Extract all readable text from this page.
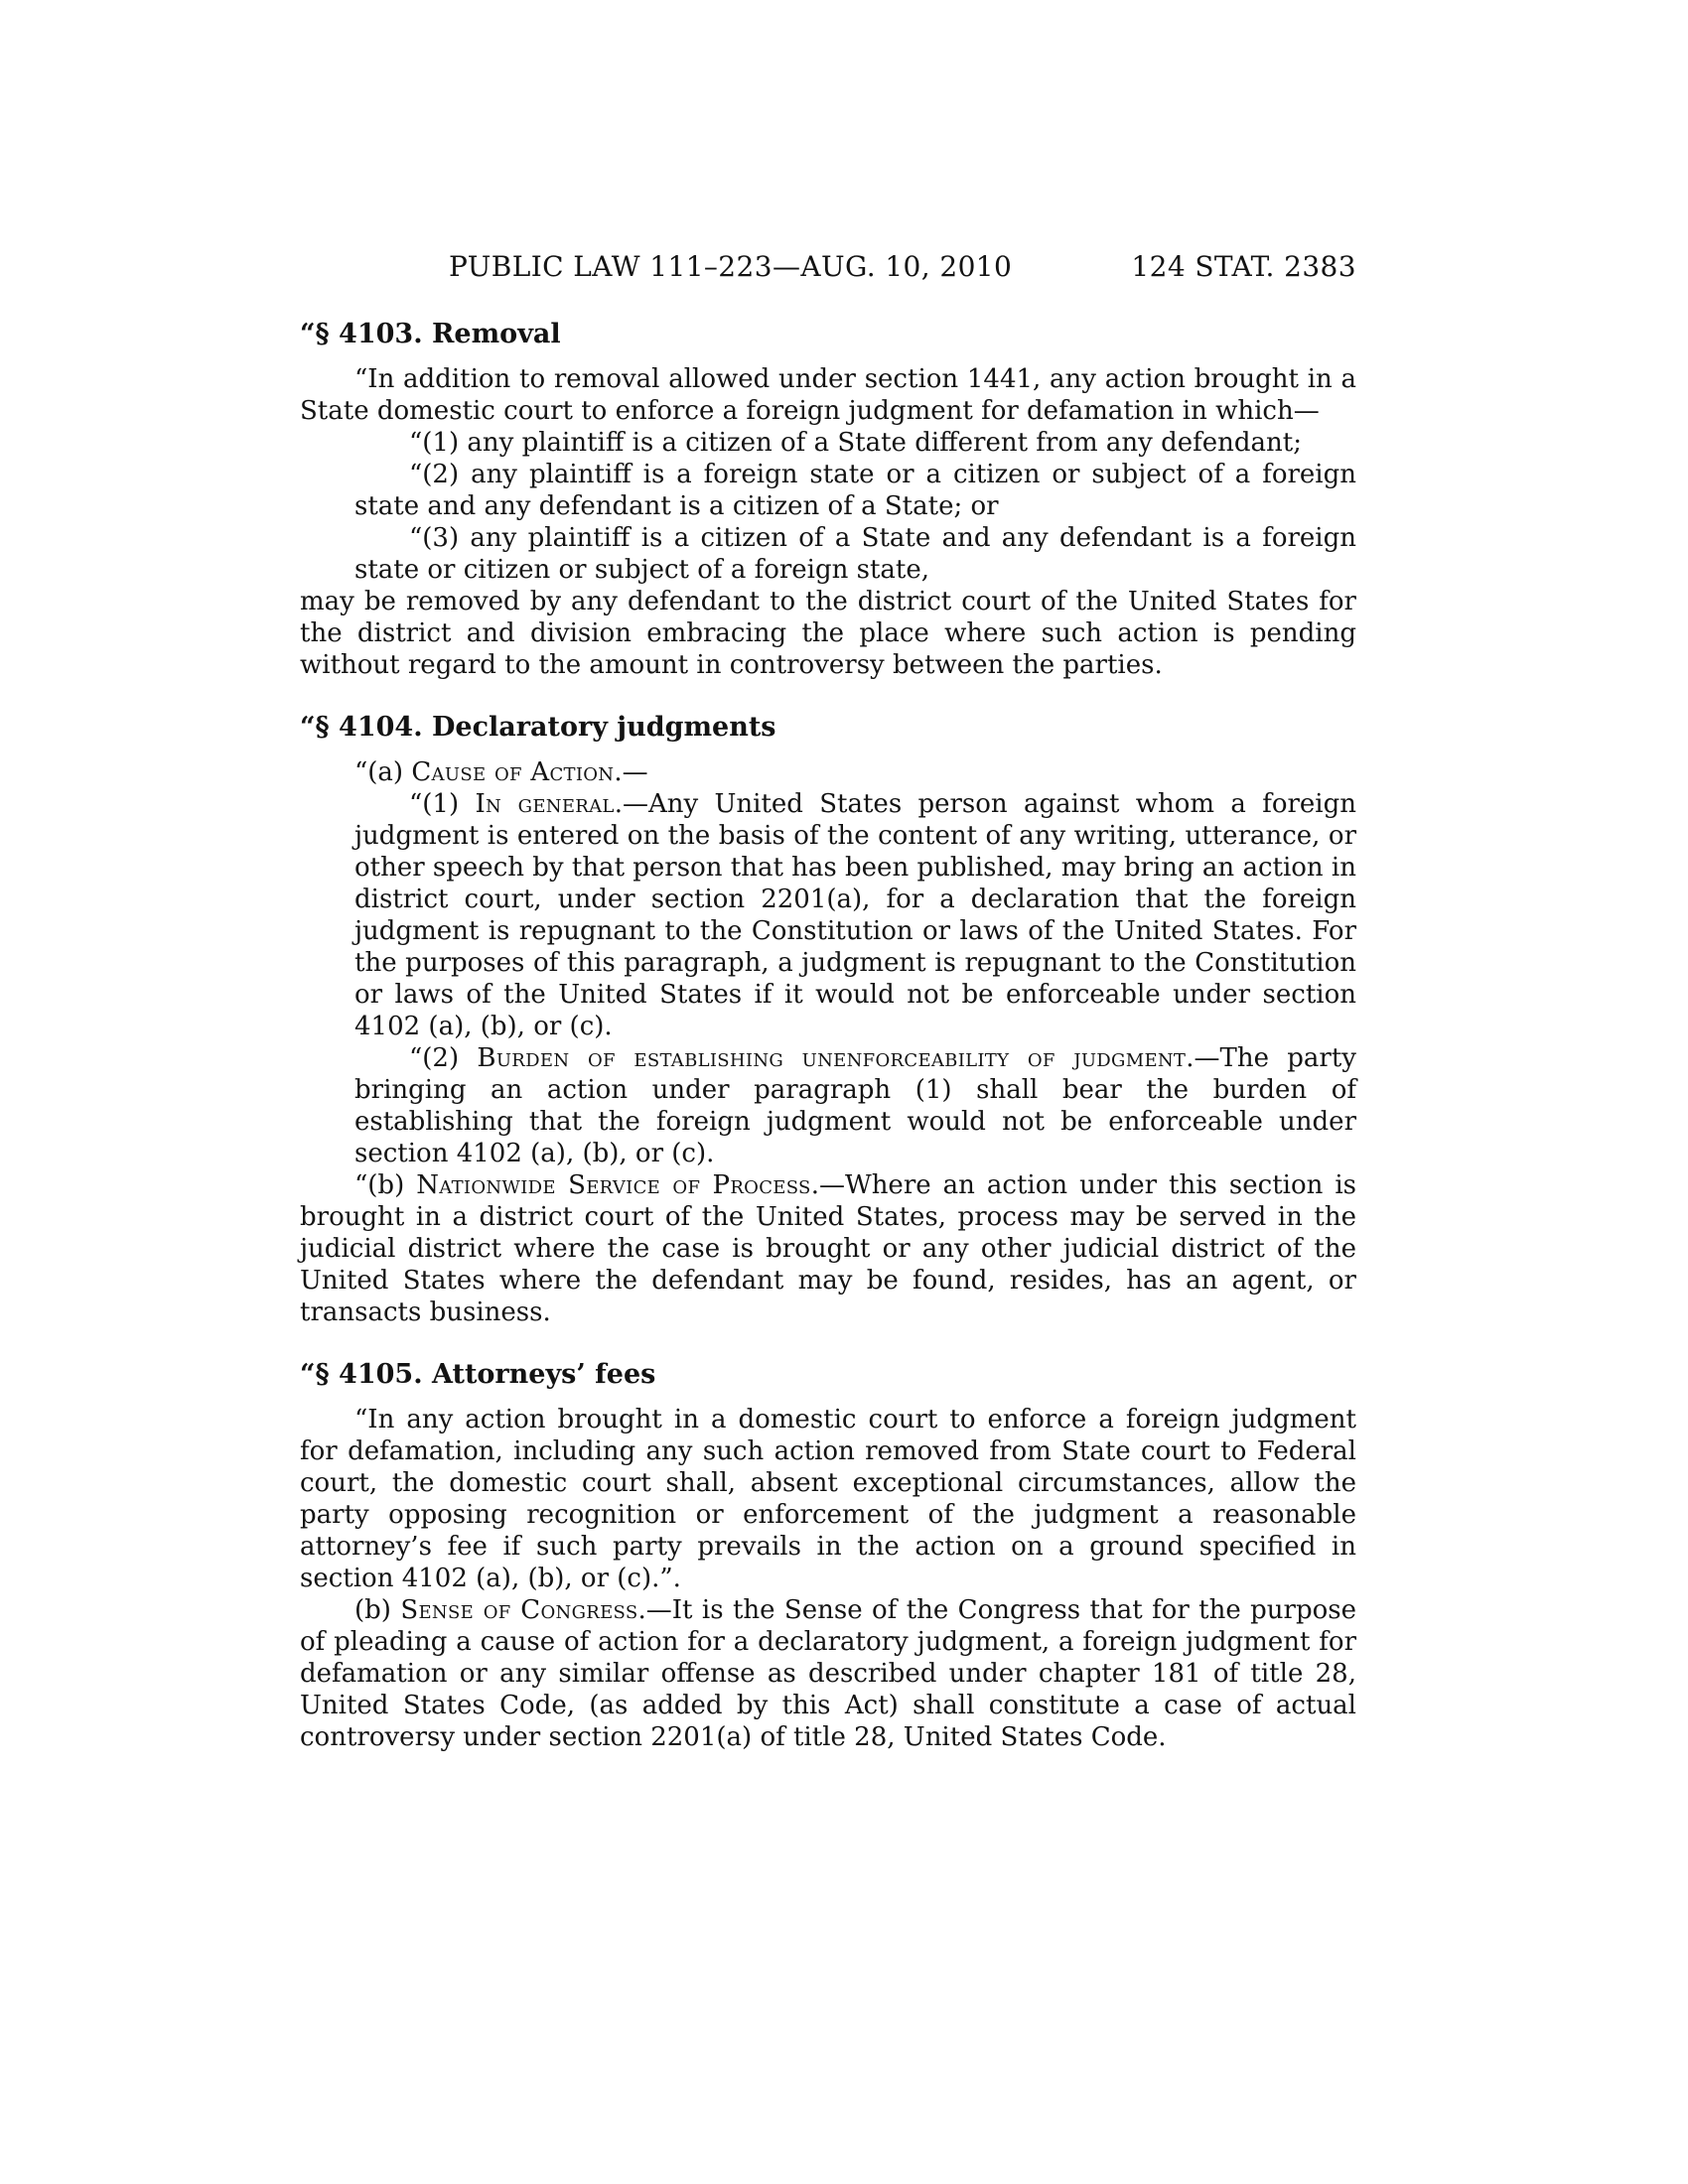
PUBLIC LAW 111–223—AUG. 10, 2010	124 STAT. 2383
“§ 4103. Removal

“In addition to removal allowed under section 1441, any action brought in a State domestic court to enforce a foreign judgment for defamation in which—

“(1) any plaintiff is a citizen of a State different from any defendant;

“(2) any plaintiff is a foreign state or a citizen or subject of a foreign state and any defendant is a citizen of a State; or

“(3) any plaintiff is a citizen of a State and any defendant is a foreign state or citizen or subject of a foreign state,

may be removed by any defendant to the district court of the United States for the district and division embracing the place where such action is pending without regard to the amount in controversy between the parties.

“§ 4104. Declaratory judgments

“(a) Cause of Action.—

“(1) In general.—Any United States person against whom a foreign judgment is entered on the basis of the content of any writing, utterance, or other speech by that person that has been published, may bring an action in district court, under section 2201(a), for a declaration that the foreign judgment is repugnant to the Constitution or laws of the United States. For the purposes of this paragraph, a judgment is repugnant to the Constitution or laws of the United States if it would not be enforceable under section 4102 (a), (b), or (c).

“(2) Burden of establishing unenforceability of judgment.—The party bringing an action under paragraph (1) shall bear the burden of establishing that the foreign judgment would not be enforceable under section 4102 (a), (b), or (c).

“(b) Nationwide Service of Process.—Where an action under this section is brought in a district court of the United States, process may be served in the judicial district where the case is brought or any other judicial district of the United States where the defendant may be found, resides, has an agent, or transacts business.

“§ 4105. Attorneys’ fees

“In any action brought in a domestic court to enforce a foreign judgment for defamation, including any such action removed from State court to Federal court, the domestic court shall, absent exceptional circumstances, allow the party opposing recognition or enforcement of the judgment a reasonable attorney’s fee if such party prevails in the action on a ground specified in section 4102 (a), (b), or (c).”.

(b) Sense of Congress.—It is the Sense of the Congress that for the purpose of pleading a cause of action for a declaratory judgment, a foreign judgment for defamation or any similar offense as described under chapter 181 of title 28, United States Code, (as added by this Act) shall constitute a case of actual controversy under section 2201(a) of title 28, United States Code.
